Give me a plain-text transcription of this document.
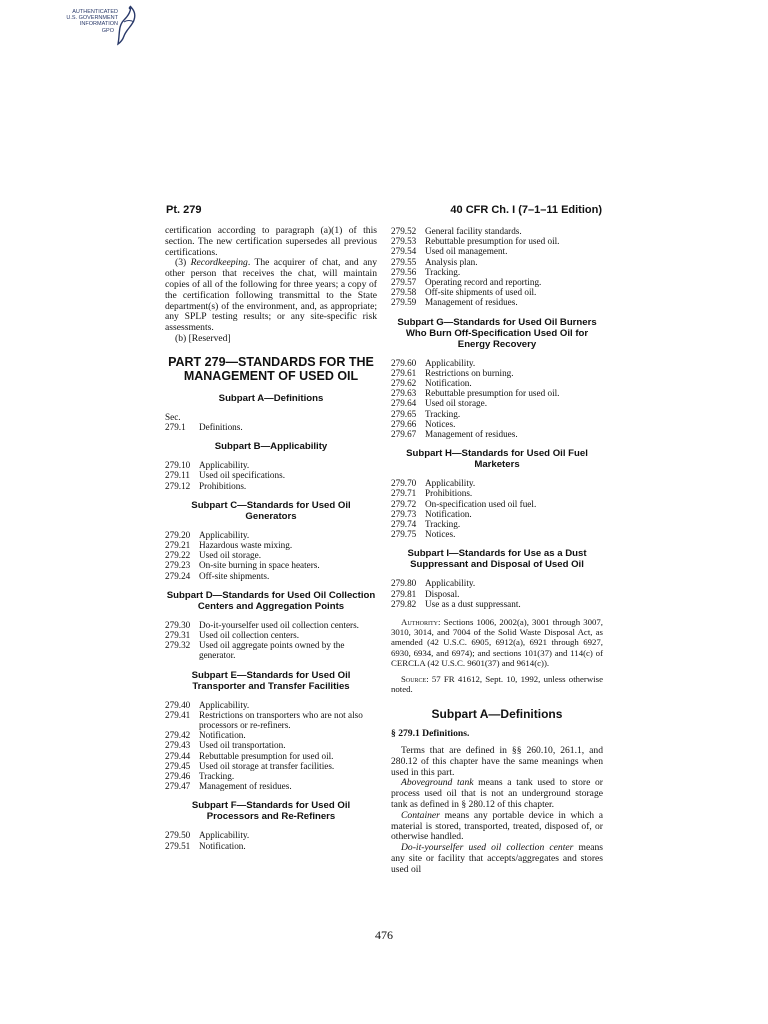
AUTHENTICATED
U.S. GOVERNMENT
INFORMATION
GPO
Pt. 279	40 CFR Ch. I (7–1–11 Edition)

certification according to paragraph (a)(1) of this section. The new certification supersedes all previous certifications.

(3) Recordkeeping. The acquirer of chat, and any other person that receives the chat, will maintain copies of all of the following for three years; a copy of the certification following transmittal to the State department(s) of the environment, and, as appropriate; any SPLP testing results; or any site-specific risk assessments.

(b) [Reserved]

PART 279—STANDARDS FOR THE MANAGEMENT OF USED OIL
Subpart A—Definitions
Sec.
279.1	Definitions.
Subpart B—Applicability
279.10 Applicability.
279.11 Used oil specifications.
279.12 Prohibitions.
Subpart C—Standards for Used Oil Generators
279.20 Applicability.
279.21 Hazardous waste mixing.
279.22 Used oil storage.
279.23 On-site burning in space heaters.
279.24 Off-site shipments.
Subpart D—Standards for Used Oil Collection Centers and Aggregation Points
279.30 Do-it-yourselfer used oil collection centers.
279.31 Used oil collection centers.
279.32 Used oil aggregate points owned by the generator.
Subpart E—Standards for Used Oil Transporter and Transfer Facilities
279.40 Applicability.
279.41 Restrictions on transporters who are not also processors or re-refiners.
279.42 Notification.
279.43 Used oil transportation.
279.44 Rebuttable presumption for used oil.
279.45 Used oil storage at transfer facilities.
279.46 Tracking.
279.47 Management of residues.
Subpart F—Standards for Used Oil Processors and Re-Refiners
279.50 Applicability.
279.51 Notification.
279.52 General facility standards.
279.53 Rebuttable presumption for used oil.
279.54 Used oil management.
279.55 Analysis plan.
279.56 Tracking.
279.57 Operating record and reporting.
279.58 Off-site shipments of used oil.
279.59 Management of residues.
Subpart G—Standards for Used Oil Burners Who Burn Off-Specification Used Oil for Energy Recovery
279.60 Applicability.
279.61 Restrictions on burning.
279.62 Notification.
279.63 Rebuttable presumption for used oil.
279.64 Used oil storage.
279.65 Tracking.
279.66 Notices.
279.67 Management of residues.
Subpart H—Standards for Used Oil Fuel Marketers
279.70 Applicability.
279.71 Prohibitions.
279.72 On-specification used oil fuel.
279.73 Notification.
279.74 Tracking.
279.75 Notices.
Subpart I—Standards for Use as a Dust Suppressant and Disposal of Used Oil
279.80 Applicability.
279.81 Disposal.
279.82 Use as a dust suppressant.

Authority: Sections 1006, 2002(a), 3001 through 3007, 3010, 3014, and 7004 of the Solid Waste Disposal Act, as amended (42 U.S.C. 6905, 6912(a), 6921 through 6927, 6930, 6934, and 6974); and sections 101(37) and 114(c) of CERCLA (42 U.S.C. 9601(37) and 9614(c)).

Source: 57 FR 41612, Sept. 10, 1992, unless otherwise noted.

Subpart A—Definitions

§ 279.1 Definitions.

Terms that are defined in §§ 260.10, 261.1, and 280.12 of this chapter have the same meanings when used in this part.

Aboveground tank means a tank used to store or process used oil that is not an underground storage tank as defined in § 280.12 of this chapter.

Container means any portable device in which a material is stored, transported, treated, disposed of, or otherwise handled.

Do-it-yourselfer used oil collection center means any site or facility that accepts/aggregates and stores used oil

476
